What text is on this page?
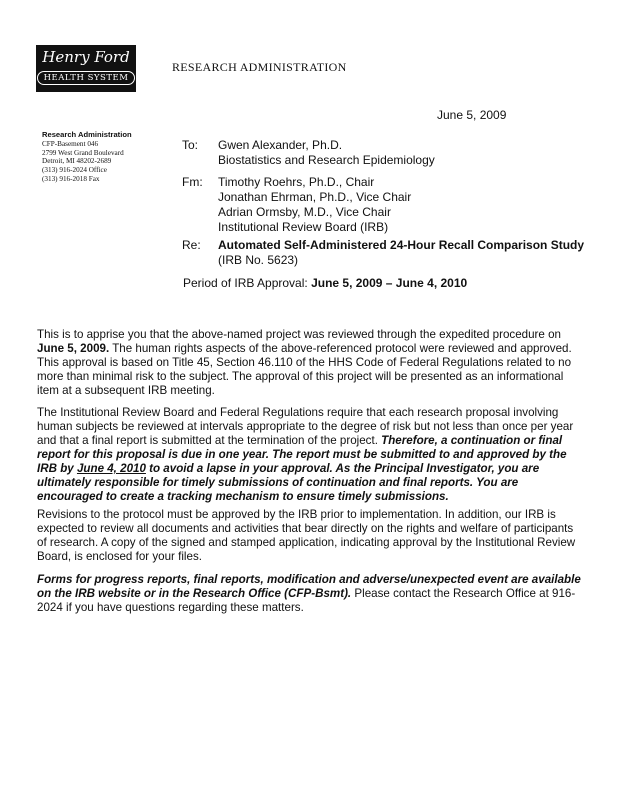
Henry Ford
HEALTH SYSTEM
RESEARCH ADMINISTRATION
June 5, 2009
Research Administration
CFP-Basement 046
2799 West Grand Boulevard
Detroit, MI 48202-2689
(313) 916-2024 Office
(313) 916-2018 Fax
To: Gwen Alexander, Ph.D.
Biostatistics and Research Epidemiology
Fm: Timothy Roehrs, Ph.D., Chair
Jonathan Ehrman, Ph.D., Vice Chair
Adrian Ormsby, M.D., Vice Chair
Institutional Review Board (IRB)
Re: Automated Self-Administered 24-Hour Recall Comparison Study
(IRB No. 5623)
Period of IRB Approval: June 5, 2009 – June 4, 2010

This is to apprise you that the above-named project was reviewed through the expedited procedure on June 5, 2009. The human rights aspects of the above-referenced protocol were reviewed and approved. This approval is based on Title 45, Section 46.110 of the HHS Code of Federal Regulations related to no more than minimal risk to the subject. The approval of this project will be presented as an informational item at a subsequent IRB meeting.

The Institutional Review Board and Federal Regulations require that each research proposal involving human subjects be reviewed at intervals appropriate to the degree of risk but not less than once per year and that a final report is submitted at the termination of the project. Therefore, a continuation or final report for this proposal is due in one year. The report must be submitted to and approved by the IRB by June 4, 2010 to avoid a lapse in your approval. As the Principal Investigator, you are ultimately responsible for timely submissions of continuation and final reports. You are encouraged to create a tracking mechanism to ensure timely submissions.

Revisions to the protocol must be approved by the IRB prior to implementation. In addition, our IRB is expected to review all documents and activities that bear directly on the rights and welfare of participants of research. A copy of the signed and stamped application, indicating approval by the Institutional Review Board, is enclosed for your files.

Forms for progress reports, final reports, modification and adverse/unexpected event are available on the IRB website or in the Research Office (CFP-Bsmt). Please contact the Research Office at 916-2024 if you have questions regarding these matters.
